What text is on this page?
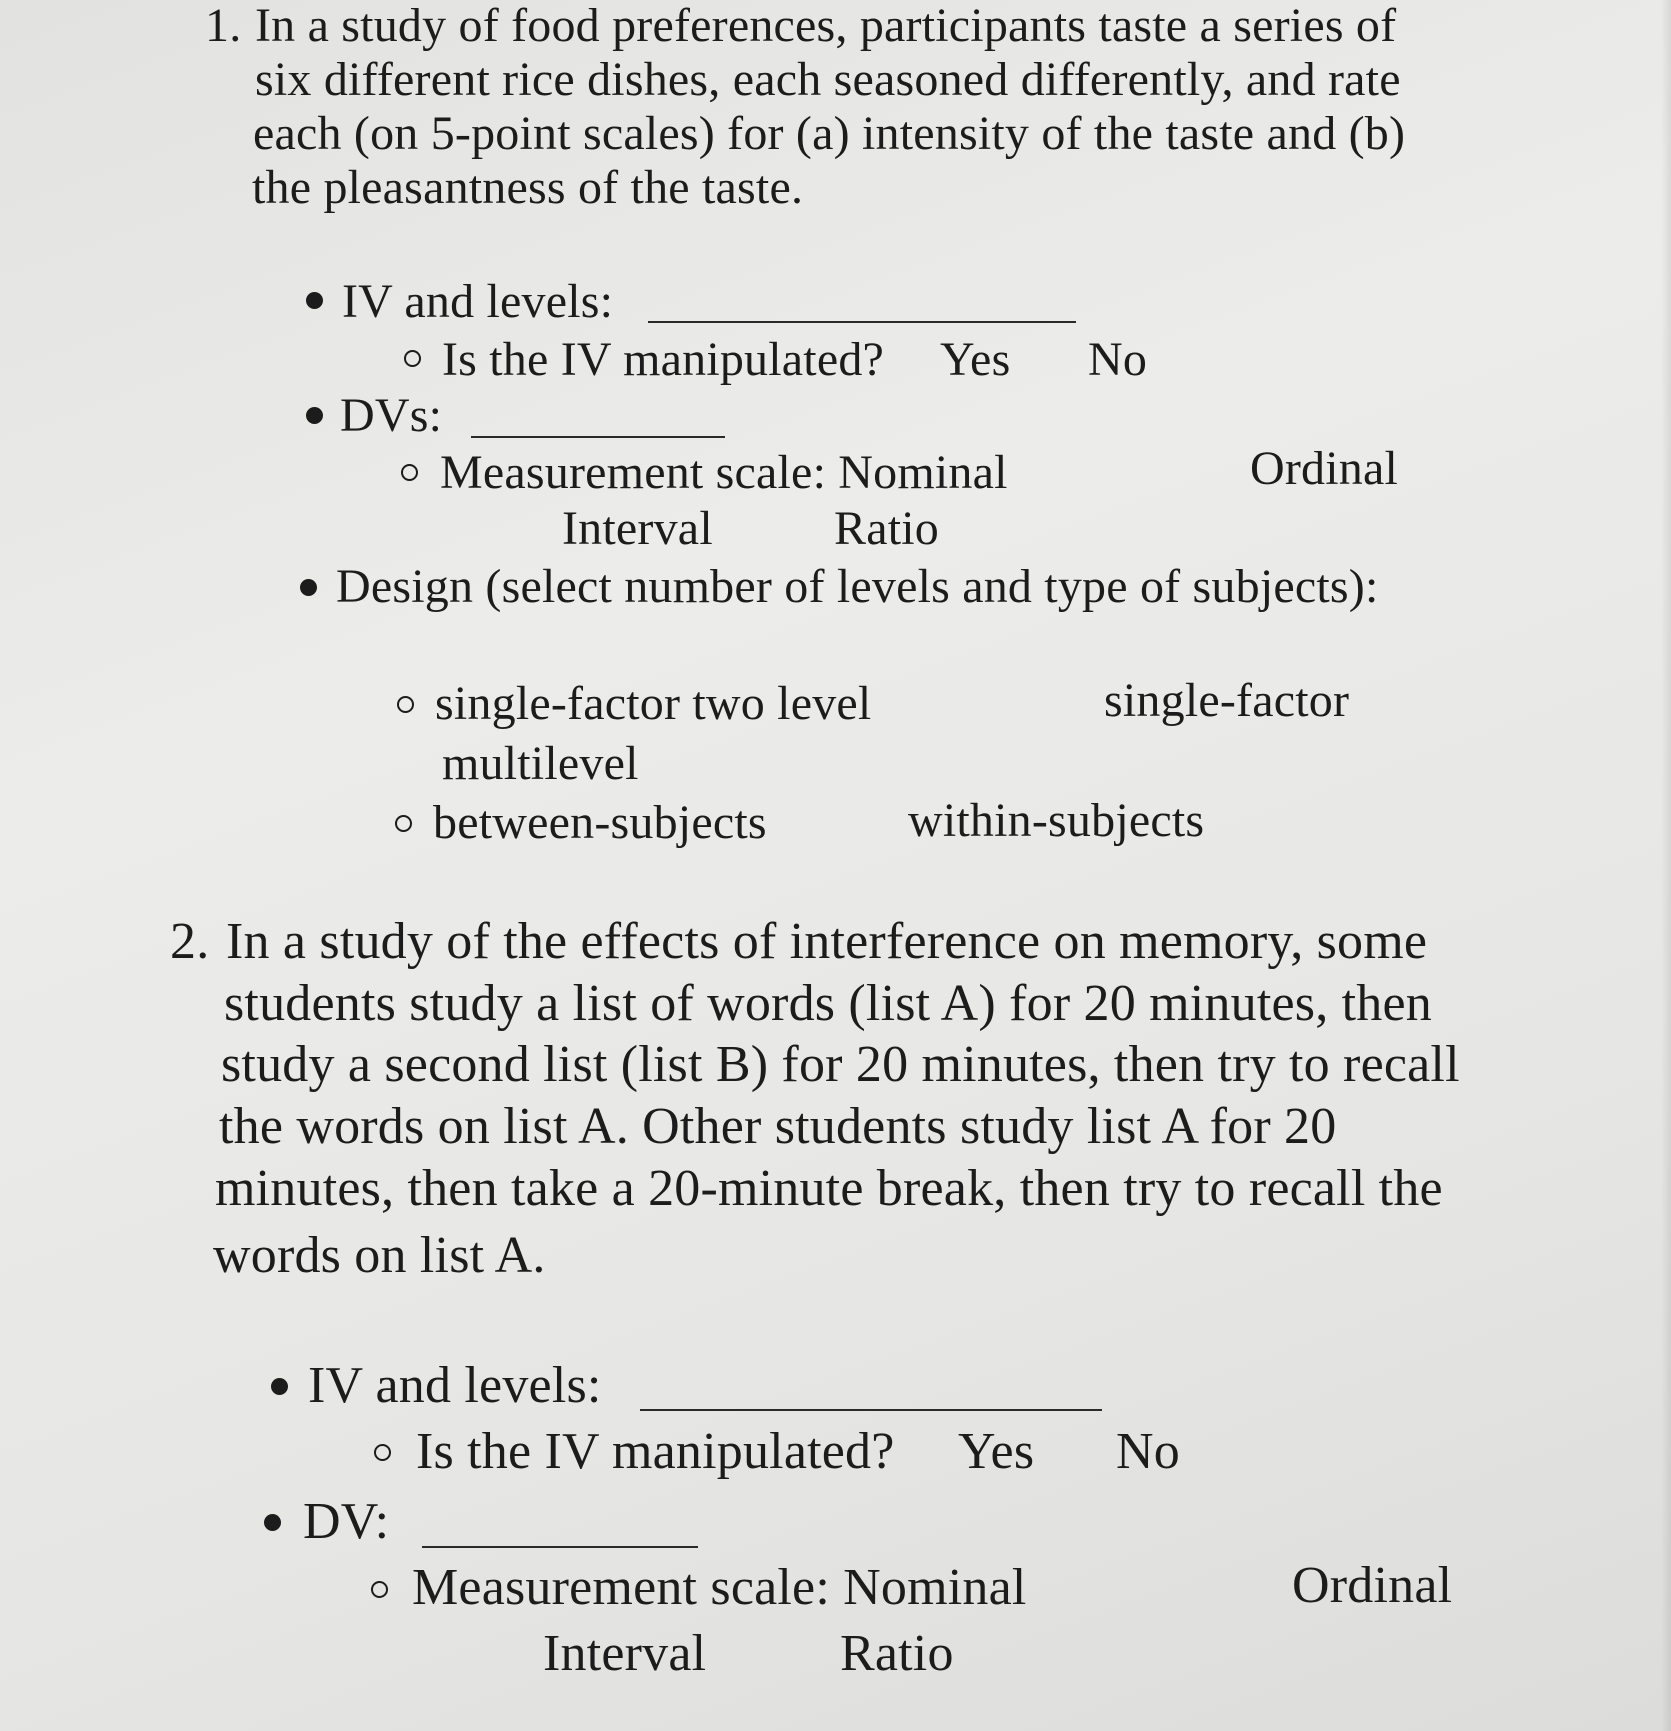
1. In a study of food preferences, participants taste a series of
six different rice dishes, each seasoned differently, and rate
each (on 5-point scales) for (a) intensity of the taste and (b)
the pleasantness of the taste.
IV and levels:
Is the IV manipulated? Yes No
DVs:
Measurement scale: Nominal	Ordinal
Interval	Ratio
Design (select number of levels and type of subjects):
single-factor two level	single-factor
multilevel
between-subjects	within-subjects
2. In a study of the effects of interference on memory, some
students study a list of words (list A) for 20 minutes, then
study a second list (list B) for 20 minutes, then try to recall
the words on list A. Other students study list A for 20
minutes, then take a 20-minute break, then try to recall the
words on list A.
IV and levels:
Is the IV manipulated? Yes No
DV:
Measurement scale: Nominal	Ordinal
Interval	Ratio
